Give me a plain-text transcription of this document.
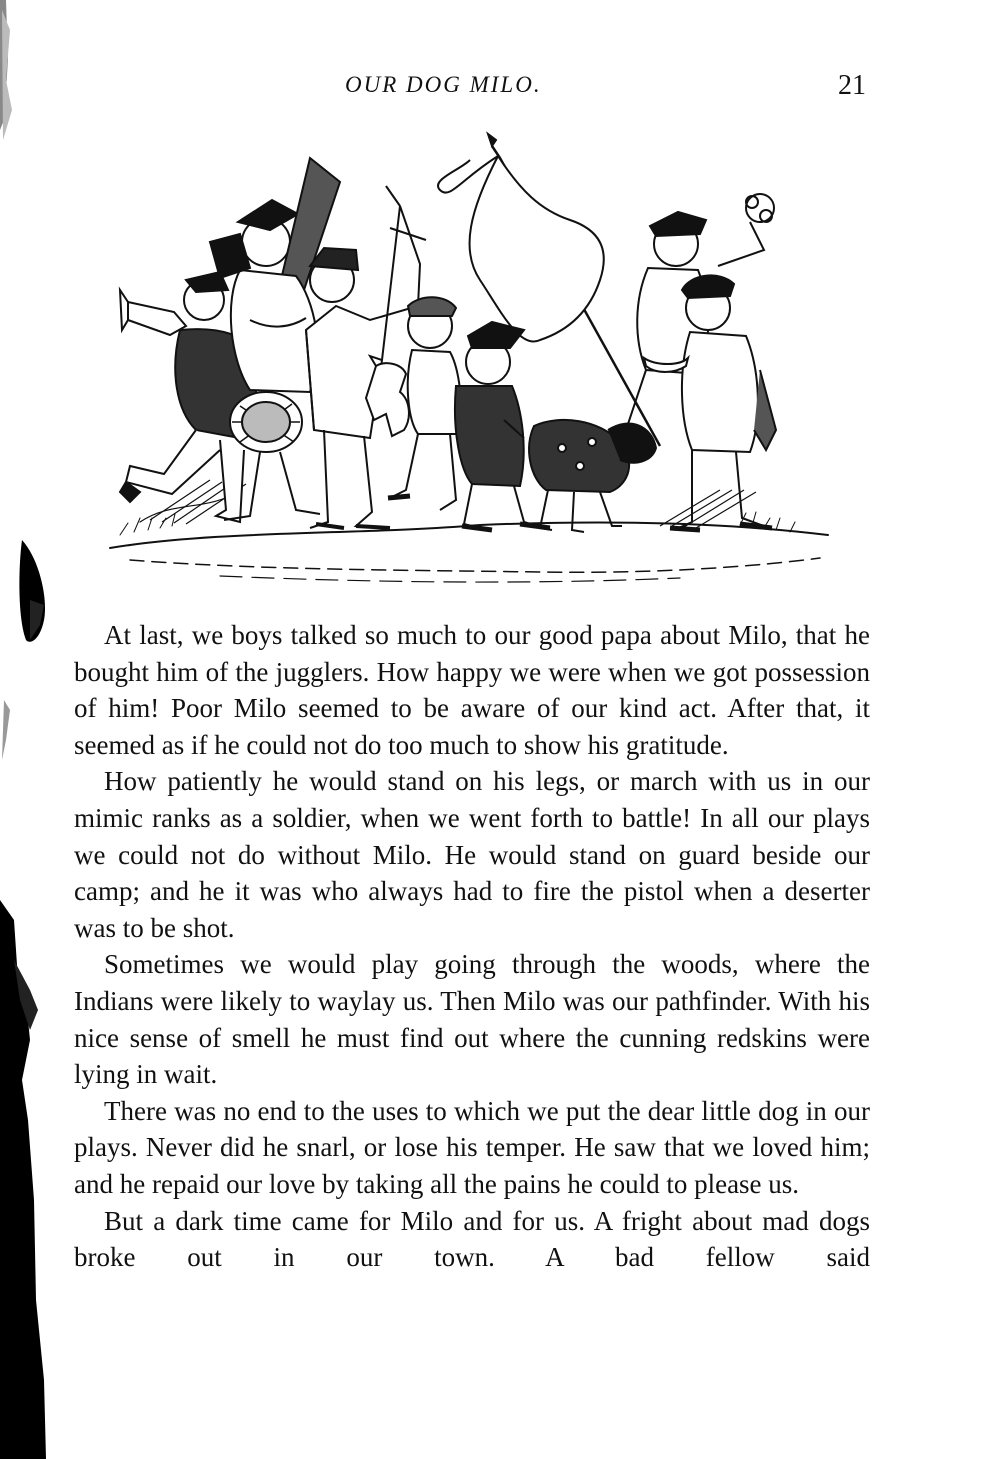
OUR DOG MILO.	21

At last, we boys talked so much to our good papa about Milo, that he bought him of the jugglers. How happy we were when we got possession of him! Poor Milo seemed to be aware of our kind act. After that, it seemed as if he could not do too much to show his gratitude.

How patiently he would stand on his legs, or march with us in our mimic ranks as a soldier, when we went forth to battle! In all our plays we could not do without Milo. He would stand on guard beside our camp; and he it was who always had to fire the pistol when a deserter was to be shot.

Sometimes we would play going through the woods, where the Indians were likely to waylay us. Then Milo was our pathfinder. With his nice sense of smell he must find out where the cunning redskins were lying in wait.

There was no end to the uses to which we put the dear little dog in our plays. Never did he snarl, or lose his temper. He saw that we loved him; and he repaid our love by taking all the pains he could to please us.

But a dark time came for Milo and for us. A fright about mad dogs broke out in our town. A bad fellow said
